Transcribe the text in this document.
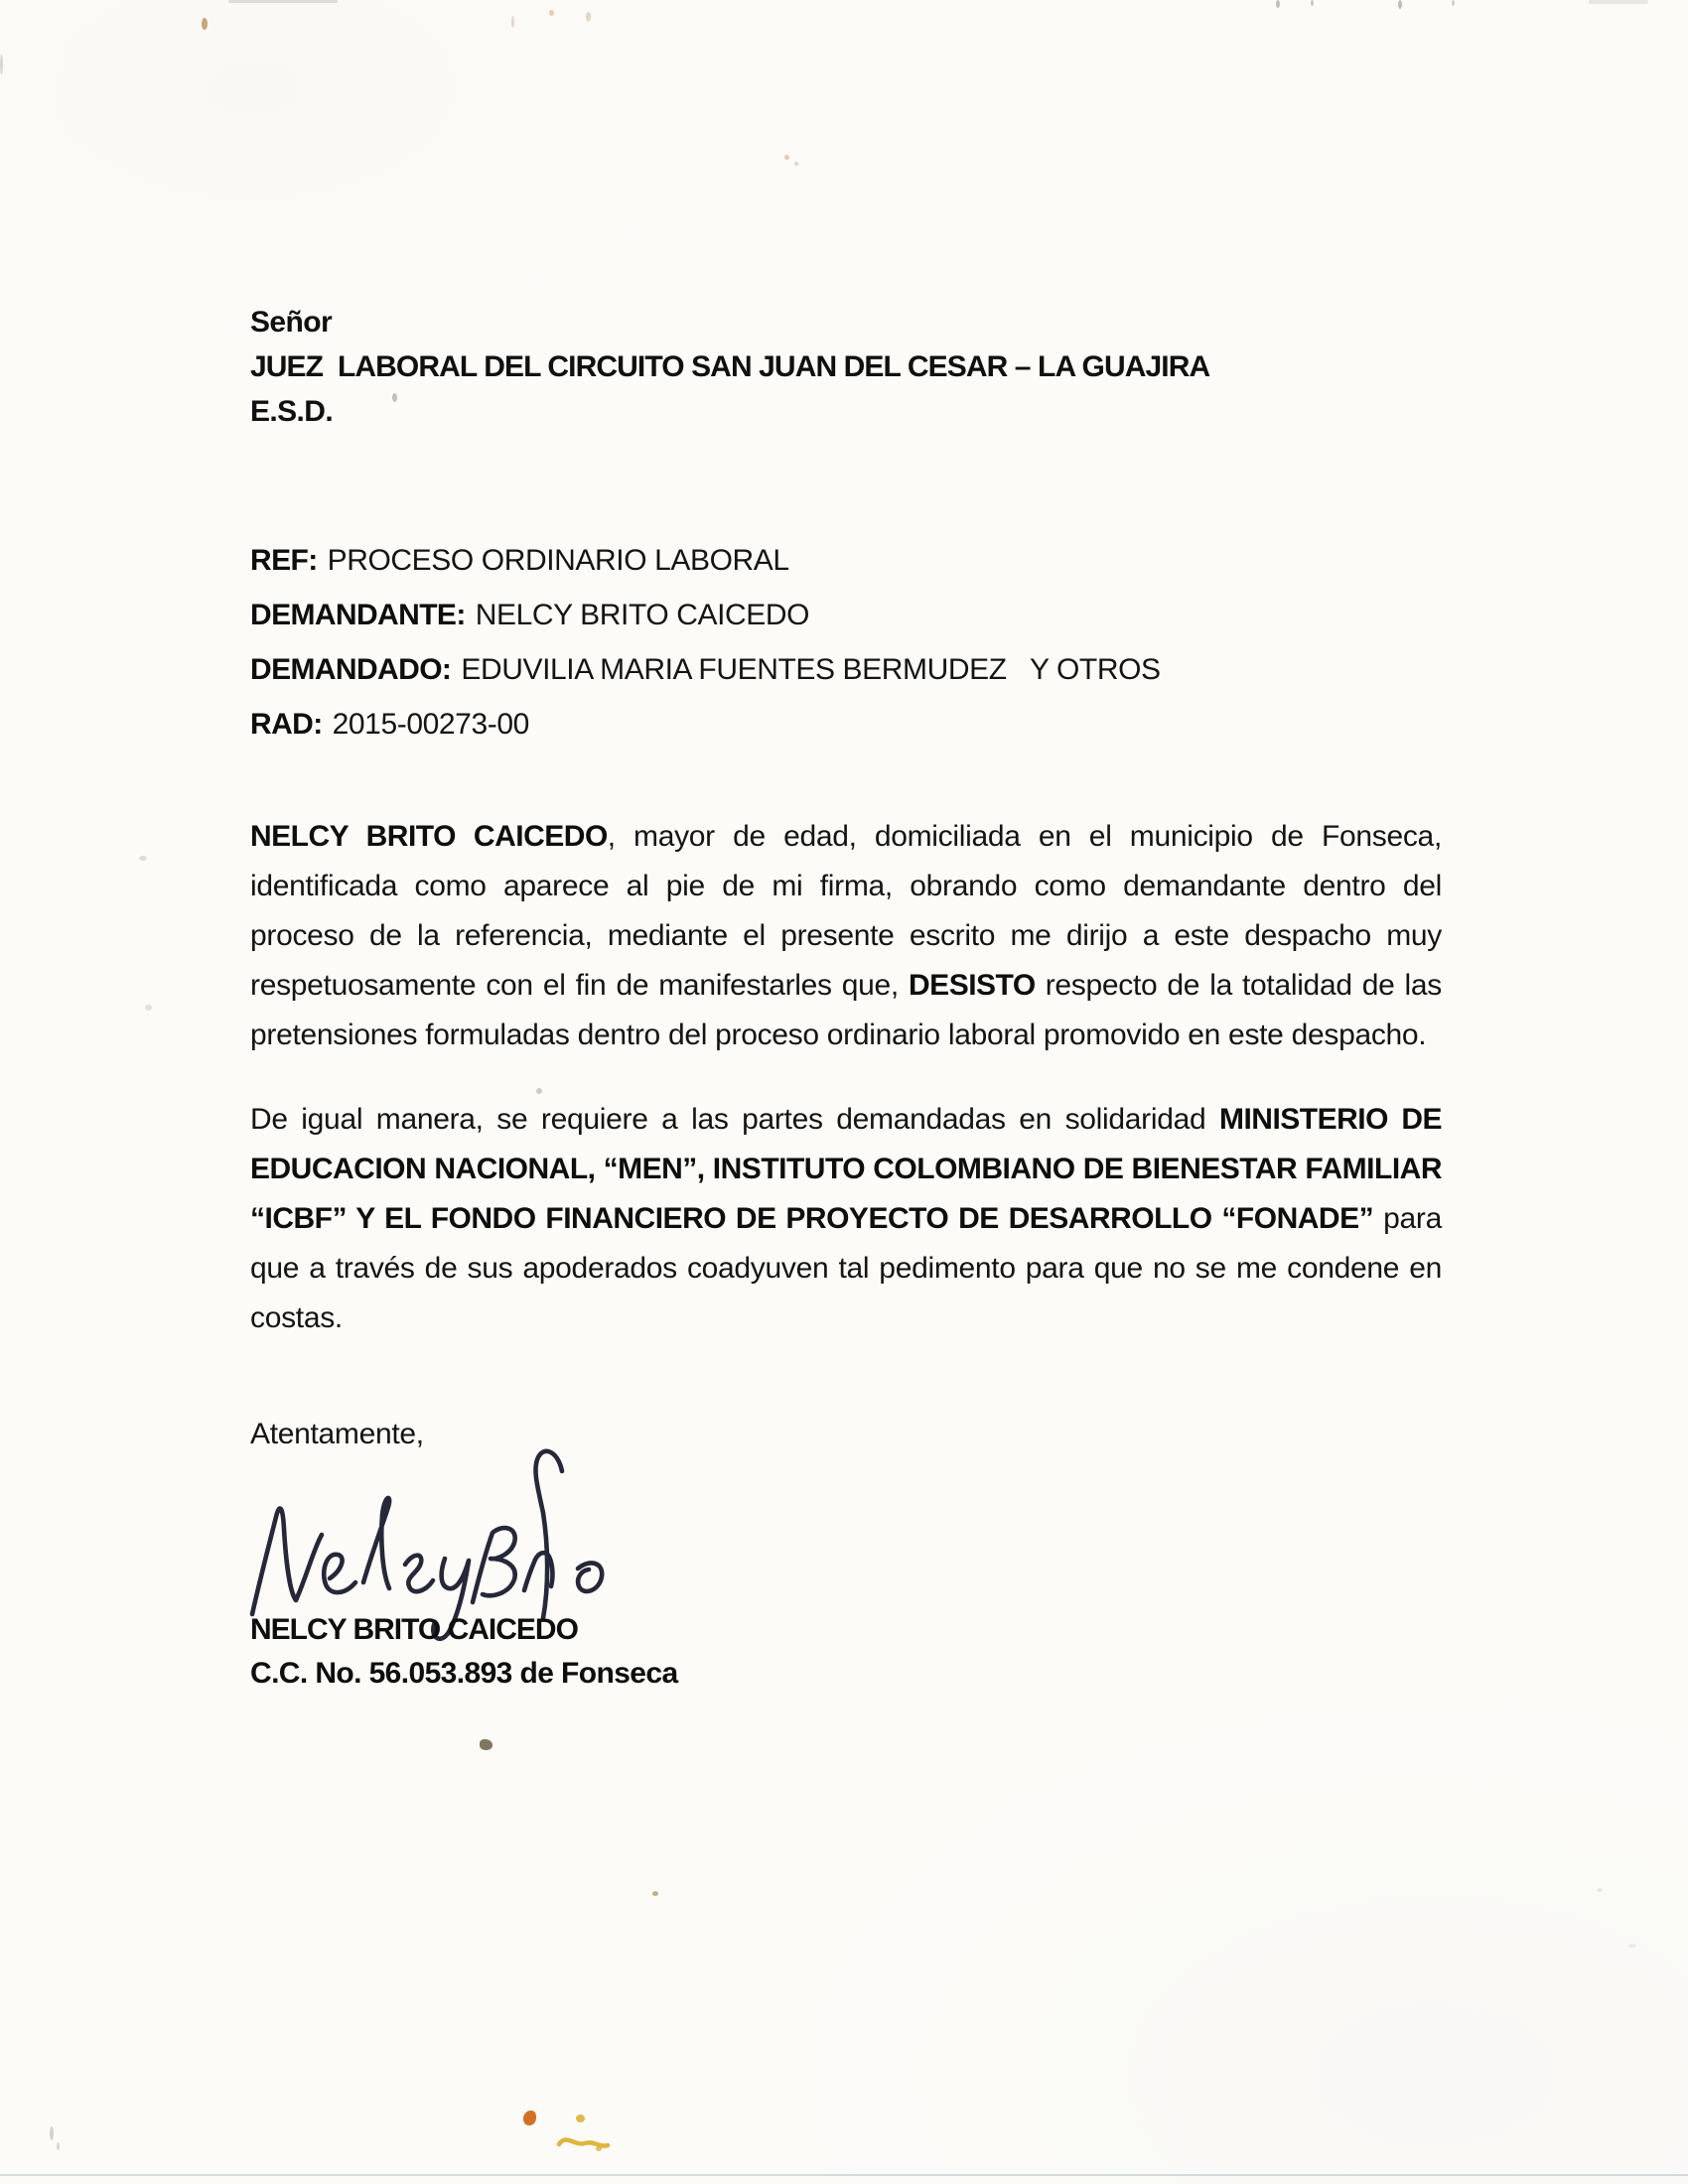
Señor
JUEZ  LABORAL DEL CIRCUITO SAN JUAN DEL CESAR – LA GUAJIRA
E.S.D.
REF: PROCESO ORDINARIO LABORAL
DEMANDANTE: NELCY BRITO CAICEDO
DEMANDADO: EDUVILIA MARIA FUENTES BERMUDEZ   Y OTROS
RAD: 2015-00273-00
NELCY BRITO CAICEDO, mayor de edad, domiciliada en el municipio de Fonseca, identificada como aparece al pie de mi firma, obrando como demandante dentro del proceso de la referencia, mediante el presente escrito me dirijo a este despacho muy respetuosamente con el fin de manifestarles que, DESISTO respecto de la totalidad de las pretensiones formuladas dentro del proceso ordinario laboral promovido en este despacho.
De igual manera, se requiere a las partes demandadas en solidaridad MINISTERIO DE EDUCACION NACIONAL, “MEN”, INSTITUTO COLOMBIANO DE BIENESTAR FAMILIAR “ICBF” Y EL FONDO FINANCIERO DE PROYECTO DE DESARROLLO “FONADE” para que a través de sus apoderados coadyuven tal pedimento para que no se me condene en costas.
Atentamente,
NELCY BRITO CAICEDO
C.C. No. 56.053.893 de Fonseca
